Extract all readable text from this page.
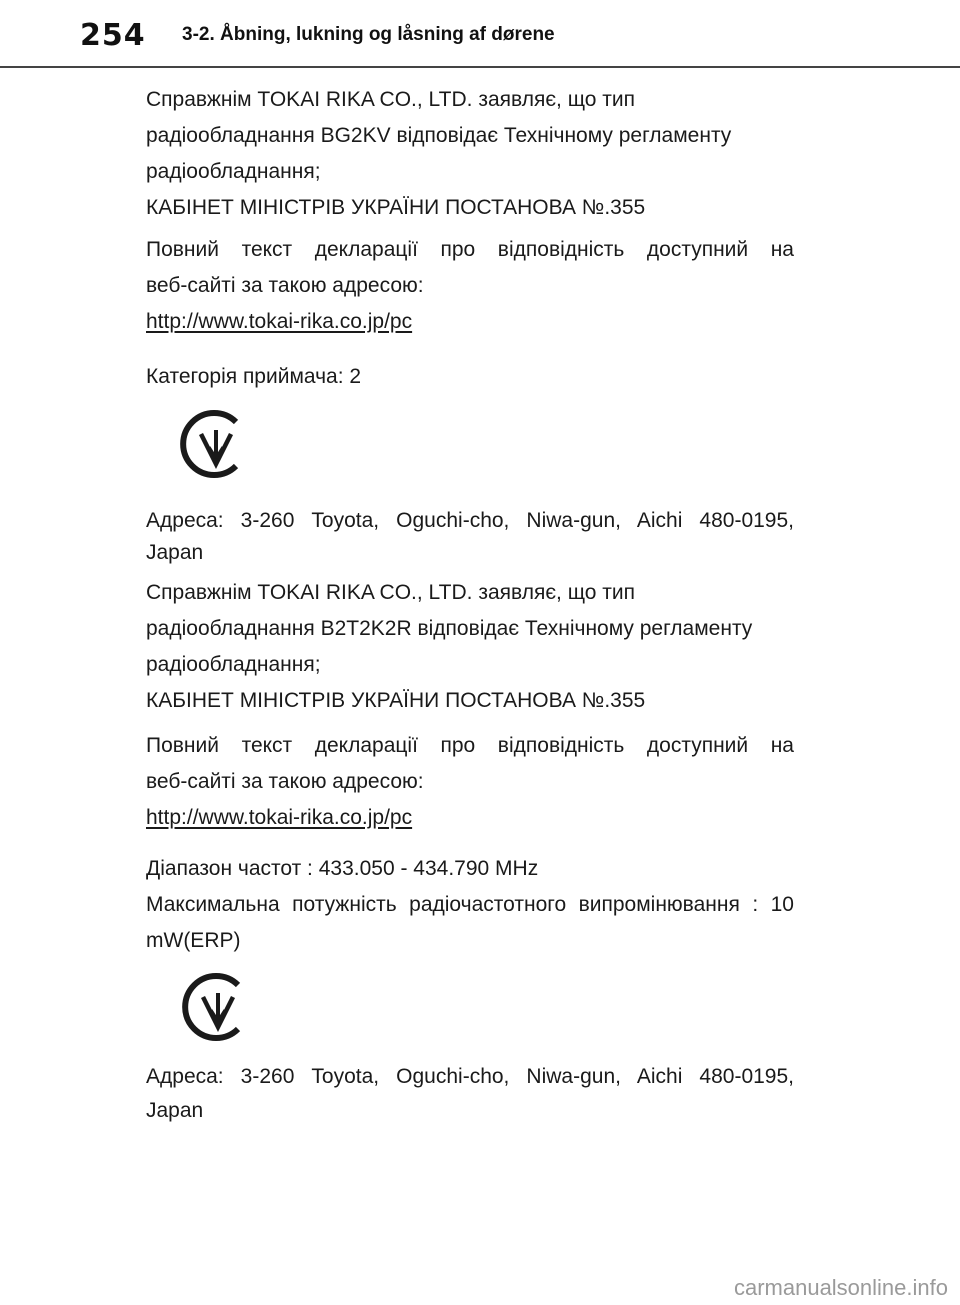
254 3-2. Åbning, lukning og låsning af dørene
Справжнім TOKAI RIKA CO., LTD. заявляє, що тип
радіообладнання BG2KV відповідає Технічному регламенту
радіообладнання;
КАБІНЕТ МІНІСТРІВ УКРАЇНИ ПОСТАНОВА №.355
Повний текст декларації про відповідність доступний на
веб-сайті за такою адресою:
http://www.tokai-rika.co.jp/pc
Категорія приймача: 2
Адреса: 3-260 Toyota, Oguchi-cho, Niwa-gun, Aichi 480-0195,
Japan
Справжнім TOKAI RIKA CO., LTD. заявляє, що тип
радіообладнання B2T2K2R відповідає Технічному регламенту
радіообладнання;
КАБІНЕТ МІНІСТРІВ УКРАЇНИ ПОСТАНОВА №.355
Повний текст декларації про відповідність доступний на
веб-сайті за такою адресою:
http://www.tokai-rika.co.jp/pc
Діапазон частот : 433.050 - 434.790 MHz
Максимальна потужність радіочастотного випромінювання : 10
mW(ERP)
Адреса: 3-260 Toyota, Oguchi-cho, Niwa-gun, Aichi 480-0195,
Japan
carmanualsonline.info
